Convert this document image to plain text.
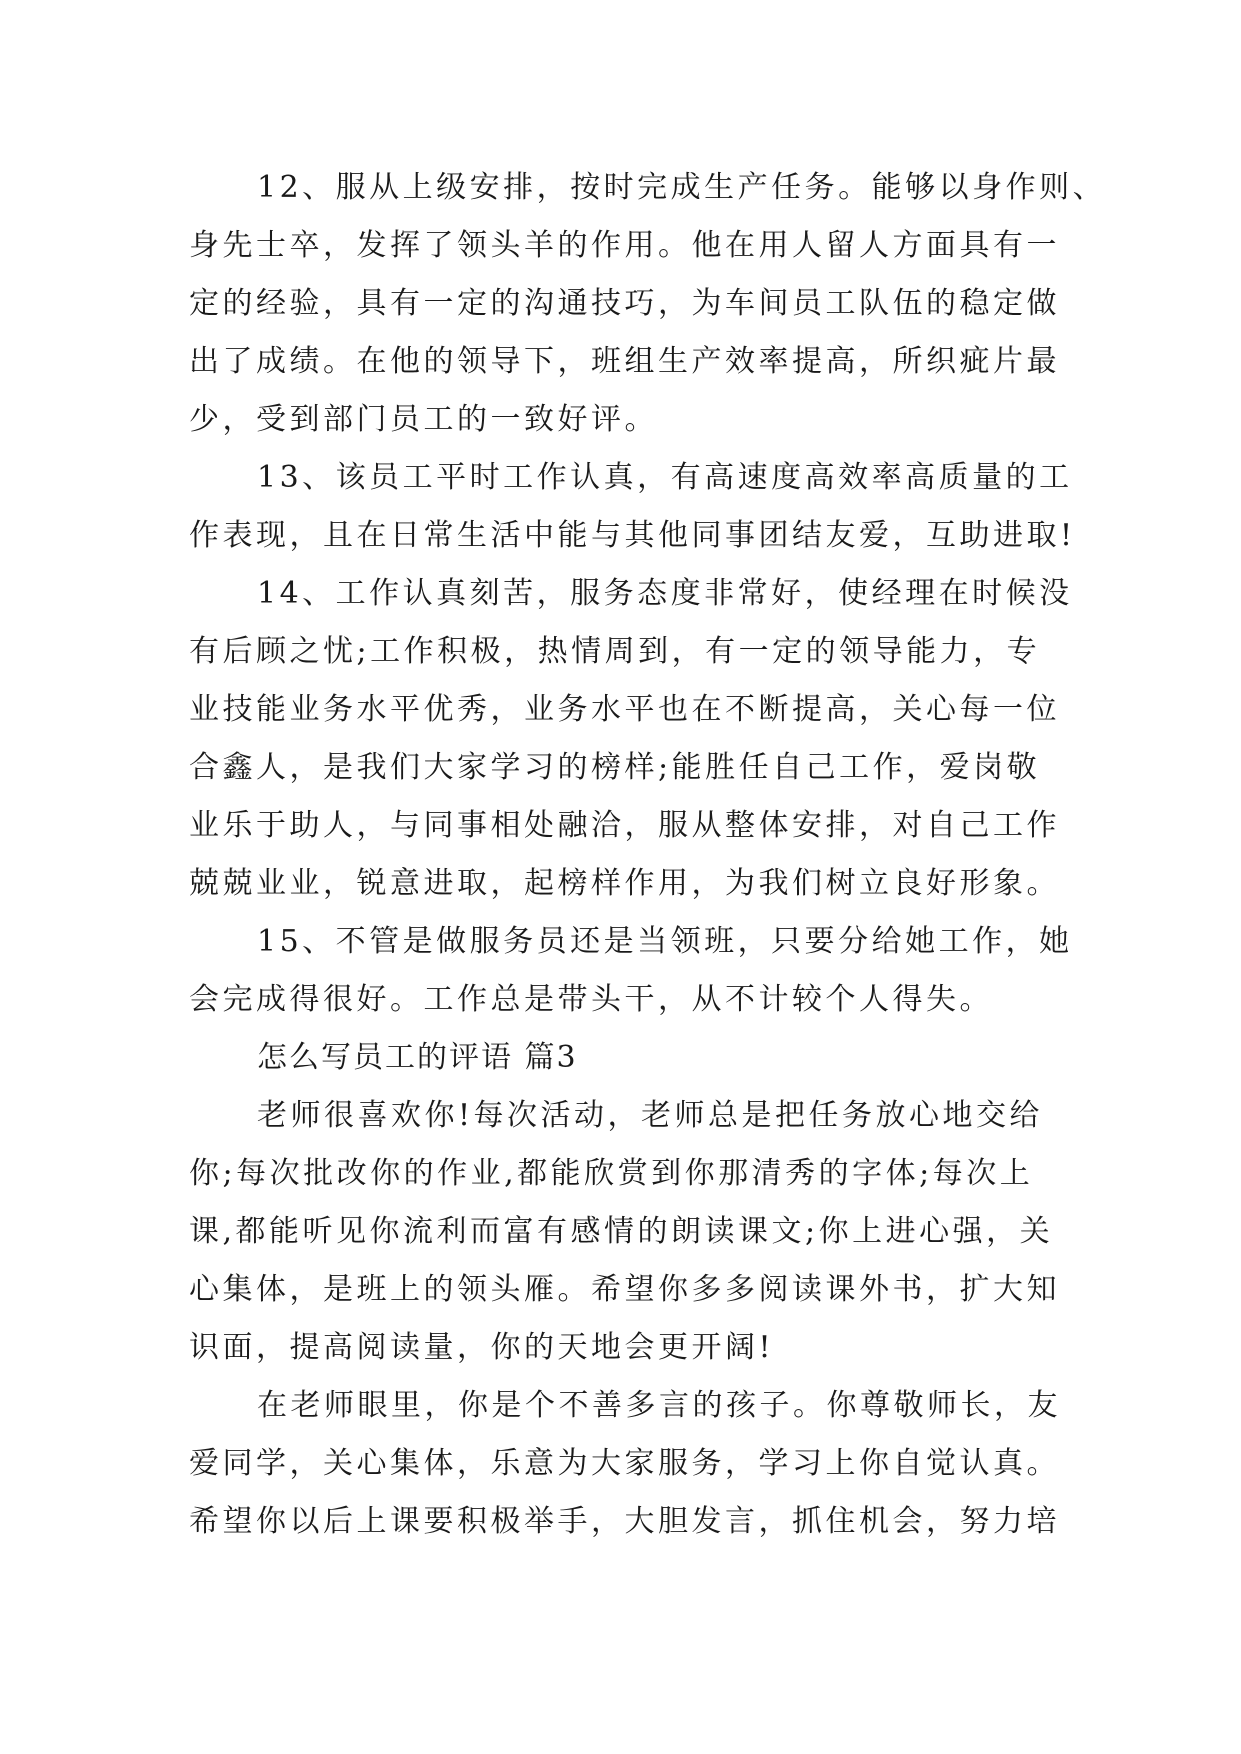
12、服从上级安排，按时完成生产任务。能够以身作则、

身先士卒，发挥了领头羊的作用。他在用人留人方面具有一

定的经验，具有一定的沟通技巧，为车间员工队伍的稳定做

出了成绩。在他的领导下，班组生产效率提高，所织疵片最

少，受到部门员工的一致好评。

13、该员工平时工作认真，有高速度高效率高质量的工

作表现，且在日常生活中能与其他同事团结友爱，互助进取!

14、工作认真刻苦，服务态度非常好，使经理在时候没

有后顾之忧;工作积极，热情周到，有一定的领导能力，专

业技能业务水平优秀，业务水平也在不断提高，关心每一位

合鑫人，是我们大家学习的榜样;能胜任自己工作，爱岗敬

业乐于助人，与同事相处融洽，服从整体安排，对自己工作

兢兢业业，锐意进取，起榜样作用，为我们树立良好形象。

15、不管是做服务员还是当领班，只要分给她工作，她

会完成得很好。工作总是带头干，从不计较个人得失。

怎么写员工的评语 篇3

老师很喜欢你!每次活动，老师总是把任务放心地交给

你;每次批改你的作业,都能欣赏到你那清秀的字体;每次上

课,都能听见你流利而富有感情的朗读课文;你上进心强，关

心集体，是班上的领头雁。希望你多多阅读课外书，扩大知

识面，提高阅读量，你的天地会更开阔!

在老师眼里，你是个不善多言的孩子。你尊敬师长，友

爱同学，关心集体，乐意为大家服务，学习上你自觉认真。

希望你以后上课要积极举手，大胆发言，抓住机会，努力培
